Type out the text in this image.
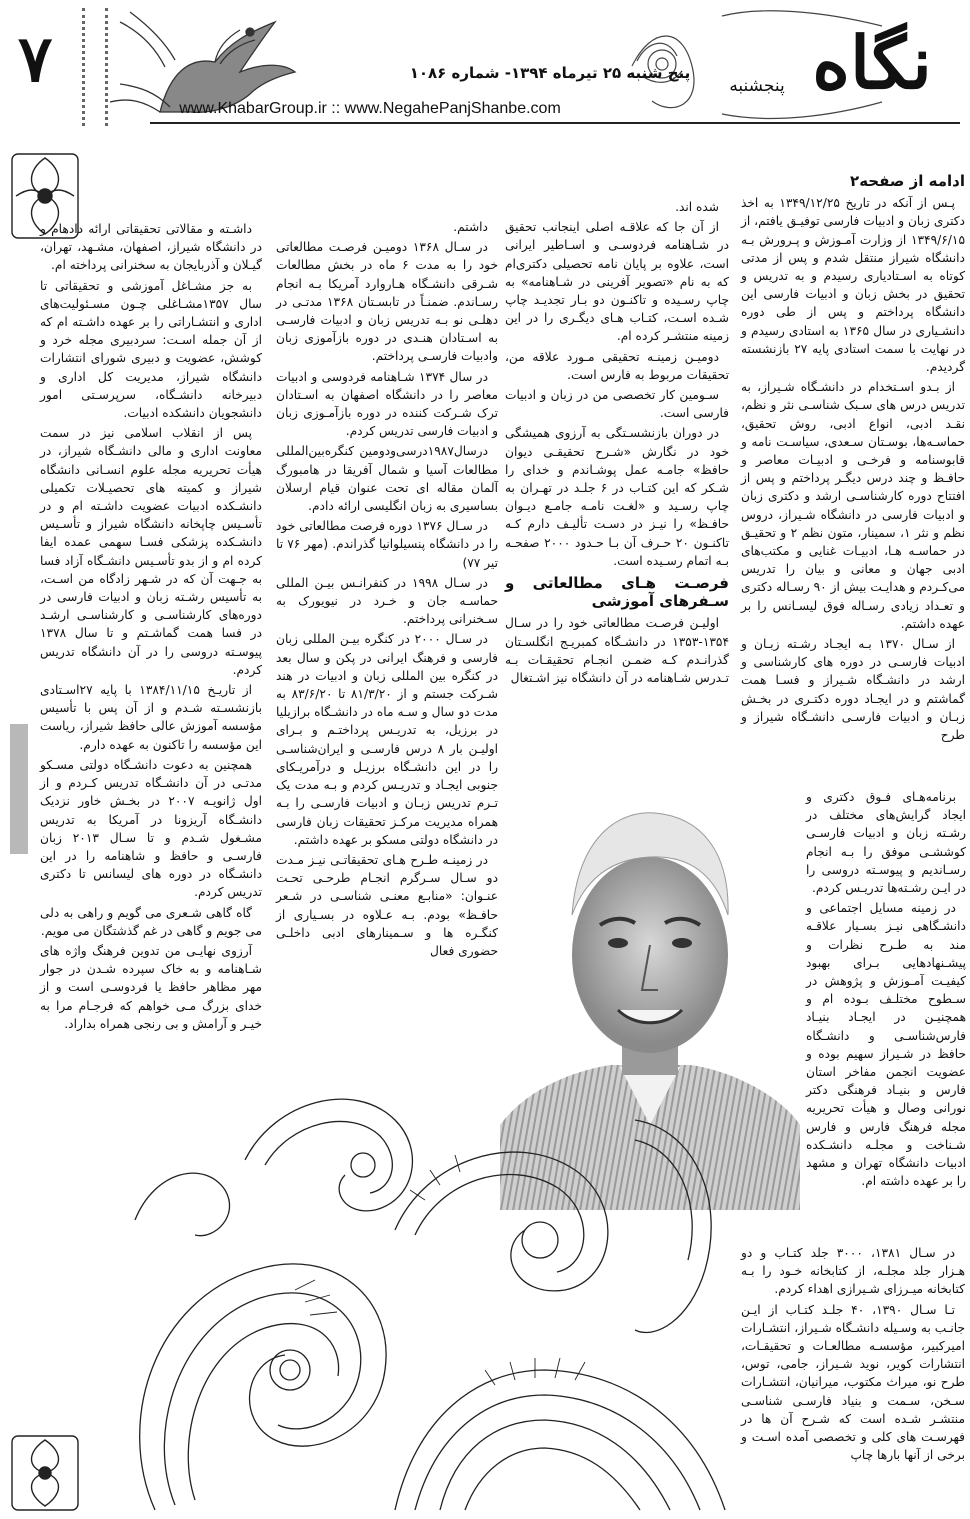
۷	نگاه
پنجشنبه
پنج شنبه ۲۵ تیرماه ۱۳۹۴- شماره ۱۰۸۶
www.KhabarGroup.ir :: www.NegahePanjShanbe.com
ادامه از صفحه۲

پـس از آنکه در تاریخ ۱۳۴۹/۱۲/۲۵ به اخذ دکتری زبان و ادبیات فارسی توفیـق یافتم، از ۱۳۴۹/۶/۱۵ از وزارت آمـوزش و پـرورش بـه دانشگاه شیراز منتقل شدم و پس از مدتی کوتاه به اسـتادیاری رسیدم و به تدریس و تحقیق در بخش زبان و ادبیات فارسی این دانشگاه پرداختم و پس از طی دوره دانشـیاری در سال ۱۳۶۵ به استادی رسیدم و در نهایت با سمت استادی پایه ۲۷ بازنشسته گردیدم.

از بـدو اسـتخدام در دانشـگاه شـیراز، به تدریس درس های سـبک شناسـی نثر و نظم، نقـد ادبی، انواع ادبی، روش تحقیق، حماسـه‌ها، بوسـتان سـعدی، سیاسـت نامه و قابوسنامه و فرخـی و ادبیـات معاصر و حافـظ و چند درس دیگـر پرداختم و پس از افتتاح دوره کارشناسـی ارشد و دکتری زبان و ادبیات فارسی در دانشگاه شـیراز، دروس نظم و نثر ۱، سمینار، متون نظم ۲ و تحقیـق در حماسـه هـا، ادبیـات غنایی و مکتب‌های ادبی جهان و معانی و بیان را تدریس می‌کـردم و هدایـت بیش از ۹۰ رسـاله دکتری و تعـداد زیادی رسـاله فوق لیسـانس را بر عهده داشتم.

از سـال ۱۳۷۰ بـه ایجـاد رشـته زبـان و ادبیات فارسـی در دوره های کارشناسی و ارشد در دانشـگاه شـیراز و فسـا همت گماشتم و در ایجـاد دوره دکتـری در بخـش زبـان و ادبیات فارسـی دانشـگاه شیراز و طرح

برنامه‌هـای فـوق دکتری و ایجاد گرایش‌های مختلف در رشـته زبان و ادبیات فارسـی کوششـی موفق را بـه انجام رسـاندیم و پیوسـته دروسی را در ایـن رشـته‌ها تدریـس کردم.

در زمینه مسایل اجتماعی و دانشـگاهی نیـز بسـیار علاقـه مند به طـرح نظرات و پیشـنهادهایی بـرای بهبود کیفیـت آمـوزش و پژوهش در سـطوح مختلـف بـوده ام و همچنیـن در ایجـاد بنیـاد فارس‌شناسـی و دانشـگاه حافظ در شـیراز سهیم بوده و عضویت انجمن مفاخر استان فارس و بنیـاد فرهنگی دکتر نورانی وصال و هیأت تحریریه مجله فرهنگ فارس و فارس شـناخت و مجلـه دانشـکده ادبیات دانشگاه تهران و مشهد را بر عهده داشته ام.

در سـال ۱۳۸۱، ۳۰۰۰ جلد کتـاب و دو هـزار جلد مجلـه، از کتابخانه خـود را بـه کتابخانه میـرزای شـیرازی اهداء کردم.

تـا سـال ۱۳۹۰، ۴۰ جلـد کتـاب از ایـن جانـب به وسـیله دانشـگاه شـیراز، انتشـارات امیرکبیر، مؤسسـه مطالعـات و تحقیقـات، انتشارات کویر، نوید شـیراز، جامی، توس، طرح نو، میراث مکتوب، میرانیان، انتشـارات سـخن، سـمت و بنیاد فارسـی شناسـی منتشـر شـده است که شـرح آن ها در فهرسـت های کلی و تخصصی آمده اسـت و برخی از آنها بارها چاپ

شده اند.

از آن جا که علاقـه اصلی اینجانب تحقیق در شـاهنامه فردوسـی و اسـاطیر ایرانی است، علاوه بر پایان نامه تحصیلی دکتری‌ام که به نام «تصویر آفرینی در شـاهنامه» به چاپ رسـیده و تاکنـون دو بـار تجدیـد چاپ شـده اسـت، کتـاب هـای دیگـری را در این زمینه منتشـر کرده ام.

دومیـن زمینـه تحقیقی مـورد علاقه من، تحقیقات مربوط به فارس است.

سـومین کار تخصصی من در زبان و ادبیات فارسی است.

در دوران بازنشسـتگی به آرزوی همیشگی خود در نگارش «شـرح تحقیقـی دیوان حافظ» جامـه عمل پوشـاندم و خدای را شـکر که این کتـاب در ۶ جلـد در تهـران به چاپ رسـید و «لغـت نامـه جامـع دیـوان حافـظ» را نیـز در دسـت تألیـف دارم کـه تاکنـون ۲۰ حـرف آن بـا حـدود ۲۰۰۰ صفحـه بـه اتمام رسـیده است.

فرصـت هـای مطالعاتی و سـفرهای آموزشی

اولیـن فرصـت مطالعاتی خود را در سـال ۱۳۵۴-۱۳۵۳ در دانشـگاه کمبریـج انگلسـتان گذرانـدم کـه ضمـن انجـام تحقیقـات بـه تـدرس شـاهنامه در آن دانشگاه نیز اشـتغال

داشتم.

در سـال ۱۳۶۸ دومیـن فرصـت مطالعاتی خود را به مدت ۶ ماه در بخش مطالعات شـرقی دانشـگاه هـاروارد آمریکا بـه انجام رسـاندم. ضمنـاً در تابسـتان ۱۳۶۸ مدتـی در دهلـی نو بـه تدریس زبان و ادبیات فارسـی به اسـتادان هنـدی در دوره بازآموزی زبان وادبیات فارسـی پرداختم.

در سال ۱۳۷۴ شـاهنامه فردوسی و ادبیات معاصر را در دانشگاه اصفهان به اسـتادان ترک شـرکت کننده در دوره بازآمـوزی زبان و ادبیات فارسی تدریس کردم.

درسال۱۹۸۷درسی‌ودومین کنگره‌بین‌المللی مطالعات آسیا و شمال آفریقا در هامبورگ آلمان مقاله ای تحت عنوان قیام ارسلان بساسیری به زبان انگلیسی ارائه دادم.

در سـال ۱۳۷۶ دوره فرصت مطالعاتی خود را در دانشگاه پنسیلوانیا گذراندم. (مهر ۷۶ تا تیر ۷۷)

در سـال ۱۹۹۸ در کنفرانـس بیـن المللی حماسـه جان و خـرد در نیویورک به سـخنرانی پرداختم.

در سـال ۲۰۰۰ در کنگره بیـن المللی زبان فارسی و فرهنگ ایرانی در پکن و سال بعد در کنگره بین المللی زبان و ادبیات در هند شـرکت جستم و از ۸۱/۳/۲۰ تا ۸۳/۶/۲۰ به مدت دو سال و سـه ماه در دانشـگاه برازیلیا در برزیل، به تدریـس پرداختـم و بـرای اولیـن بار ۸ درس فارسـی و ایران‌شناسـی را در این دانشـگاه برزیـل و درآمریـکای جنوبی ایجـاد و تدریـس کردم و بـه مدت یک تـرم تدریس زبـان و ادبیات فارسـی را بـه همراه مدیریت مرکـز تحقیقات زبان فارسی در دانشگاه دولتی مسکو بر عهده داشتم.

در زمینـه طـرح هـای تحقیقاتـی نیـز مـدت دو سـال سـرگرم انجـام طرحـی تحـت عنـوان: «منابـع معنـی شناسـی در شـعر حافـظ» بودم. بـه عـلاوه در بسـیاری از کنگـره ها و سـمینارهای ادبی داخلـی حضوری فعال

داشـته و مقالاتی تحقیقاتی ارائه دادهام و در دانشگاه شیراز، اصفهان، مشـهد، تهران، گیـلان و آذربایجان به سخنرانی پرداخته ام.

به جز مشـاغل آموزشی و تحقیقاتی تا سال ۱۳۵۷مشـاغلی چـون مسـئولیت‌های اداری و انتشـاراتی را بر عهده داشـته ام که از آن جمله اسـت: سردبیری مجله خرد و کوشش، عضویت و دبیری شورای انتشارات دانشگاه شیراز، مدیریت کل اداری و دبیرخانه دانشـگاه، سرپرسـتی امور دانشجویان دانشکده ادبیات.

پس از انقلاب اسلامی نیز در سمت معاونت اداری و مالی دانشـگاه شیراز، در هیأت تحریریه مجله علوم انسـانی دانشگاه شیراز و کمیته های تحصیـلات تکمیلی دانشـکده ادبیات عضویت داشـته ام و در تأسـیس چاپخانه دانشگاه شیراز و تأسـیس دانشـکده پزشکی فسـا سهمی عمده ایفا کرده ام و از بدو تأسـیس دانشـگاه آزاد فسا به جـهت آن که در شـهر زادگاه من اسـت، به تأسیس رشـته زبان و ادبیات فارسی در دوره‌های کارشناسـی و کارشناسـی ارشـد در فسا همت گماشـتم و تا سال ۱۳۷۸ پیوسـته دروسی را در آن دانشگاه تدریس کردم.

از تاریـخ ۱۳۸۴/۱۱/۱۵ با پایه ۲۷اسـتادی بازنشسـته شـدم و از آن پس با تأسیس مؤسسه آموزش عالی حافظ شیراز، ریاست این مؤسسه را تاکنون به عهده دارم.

همچنین به دعوت دانشـگاه دولتی مسـکو مدتـی در آن دانشـگاه تدریس کـردم و از اول ژانویـه ۲۰۰۷ در بخـش خاور نزدیک دانشـگاه آریزونا در آمریکا به تدریس مشـغول شـدم و تا سـال ۲۰۱۳ زبان فارسـی و حافظ و شاهنامه را در این دانشـگاه در دوره های لیسانس تا دکتری تدریس کردم.

گاه گاهی شـعری می گویم و راهی به دلی می جویم و گاهی در غم گذشتگان می مویم.

آرزوی نهایـی من تدوین فرهنگ واژه های شـاهنامه و به خاک سپرده شـدن در جوار مهر مظاهر حافظ یا فردوسـی است و از خدای بزرگ مـی خواهم که فرجـام مرا به خیـر و آرامش و بی رنجی همراه بداراد.
